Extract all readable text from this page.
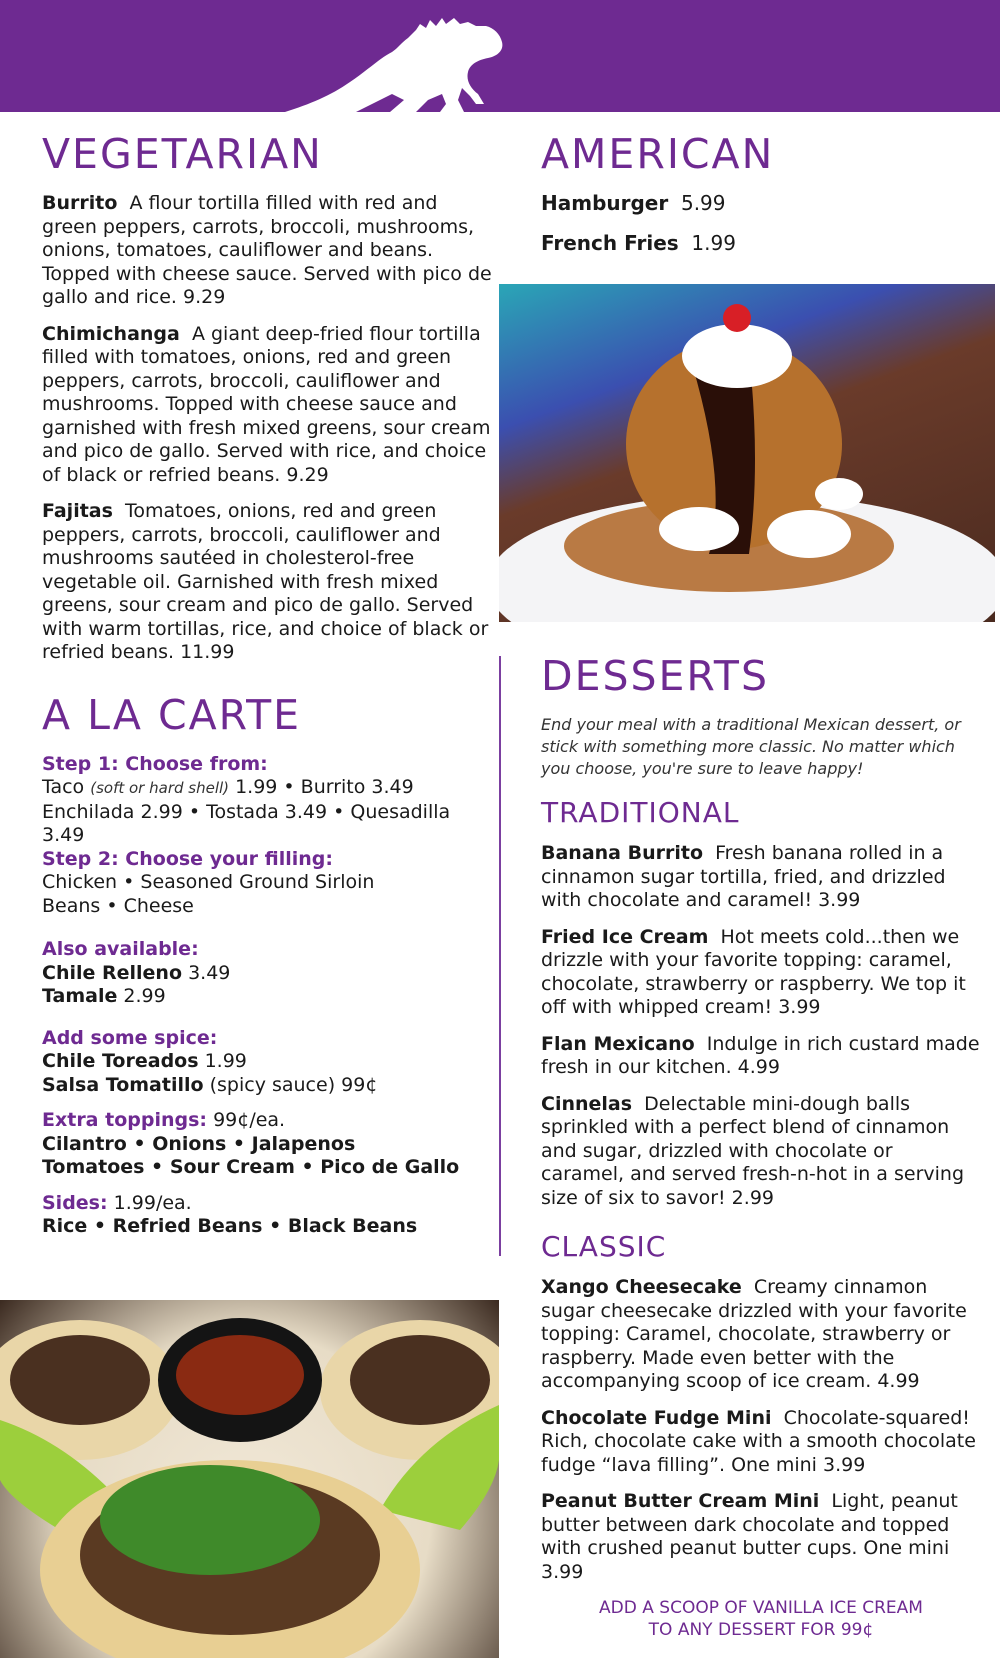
VEGETARIAN

Burrito A flour tortilla filled with red and green peppers, carrots, broccoli, mushrooms, onions, tomatoes, cauliflower and beans. Topped with cheese sauce. Served with pico de gallo and rice. 9.29

Chimichanga A giant deep-fried flour tortilla filled with tomatoes, onions, red and green peppers, carrots, broccoli, cauliflower and mushrooms. Topped with cheese sauce and garnished with fresh mixed greens, sour cream and pico de gallo. Served with rice, and choice of black or refried beans. 9.29

Fajitas Tomatoes, onions, red and green peppers, carrots, broccoli, cauliflower and mushrooms sautéed in cholesterol-free vegetable oil. Garnished with fresh mixed greens, sour cream and pico de gallo. Served with warm tortillas, rice, and choice of black or refried beans. 11.99

A LA CARTE
Step 1: Choose from:
Taco (soft or hard shell) 1.99 • Burrito 3.49
Enchilada 2.99 • Tostada 3.49 • Quesadilla 3.49
Step 2: Choose your filling:
Chicken • Seasoned Ground Sirloin
Beans • Cheese
Also available:
Chile Relleno 3.49
Tamale 2.99
Add some spice:
Chile Toreados 1.99
Salsa Tomatillo (spicy sauce) 99¢
Extra toppings: 99¢/ea.
Cilantro • Onions • Jalapenos
Tomatoes • Sour Cream • Pico de Gallo
Sides: 1.99/ea.
Rice • Refried Beans • Black Beans
AMERICAN
Hamburger 5.99
French Fries 1.99
DESSERTS

End your meal with a traditional Mexican dessert, or stick with something more classic. No matter which you choose, you're sure to leave happy!

TRADITIONAL

Banana Burrito Fresh banana rolled in a cinnamon sugar tortilla, fried, and drizzled with chocolate and caramel! 3.99

Fried Ice Cream Hot meets cold...then we drizzle with your favorite topping: caramel, chocolate, strawberry or raspberry. We top it off with whipped cream! 3.99

Flan Mexicano Indulge in rich custard made fresh in our kitchen. 4.99

Cinnelas Delectable mini-dough balls sprinkled with a perfect blend of cinnamon and sugar, drizzled with chocolate or caramel, and served fresh-n-hot in a serving size of six to savor! 2.99

CLASSIC

Xango Cheesecake Creamy cinnamon sugar cheesecake drizzled with your favorite topping: Caramel, chocolate, strawberry or raspberry. Made even better with the accompanying scoop of ice cream. 4.99

Chocolate Fudge Mini Chocolate-squared! Rich, chocolate cake with a smooth chocolate fudge “lava filling”. One mini 3.99

Peanut Butter Cream Mini Light, peanut butter between dark chocolate and topped with crushed peanut butter cups. One mini 3.99

ADD A SCOOP OF VANILLA ICE CREAM
TO ANY DESSERT FOR 99¢
